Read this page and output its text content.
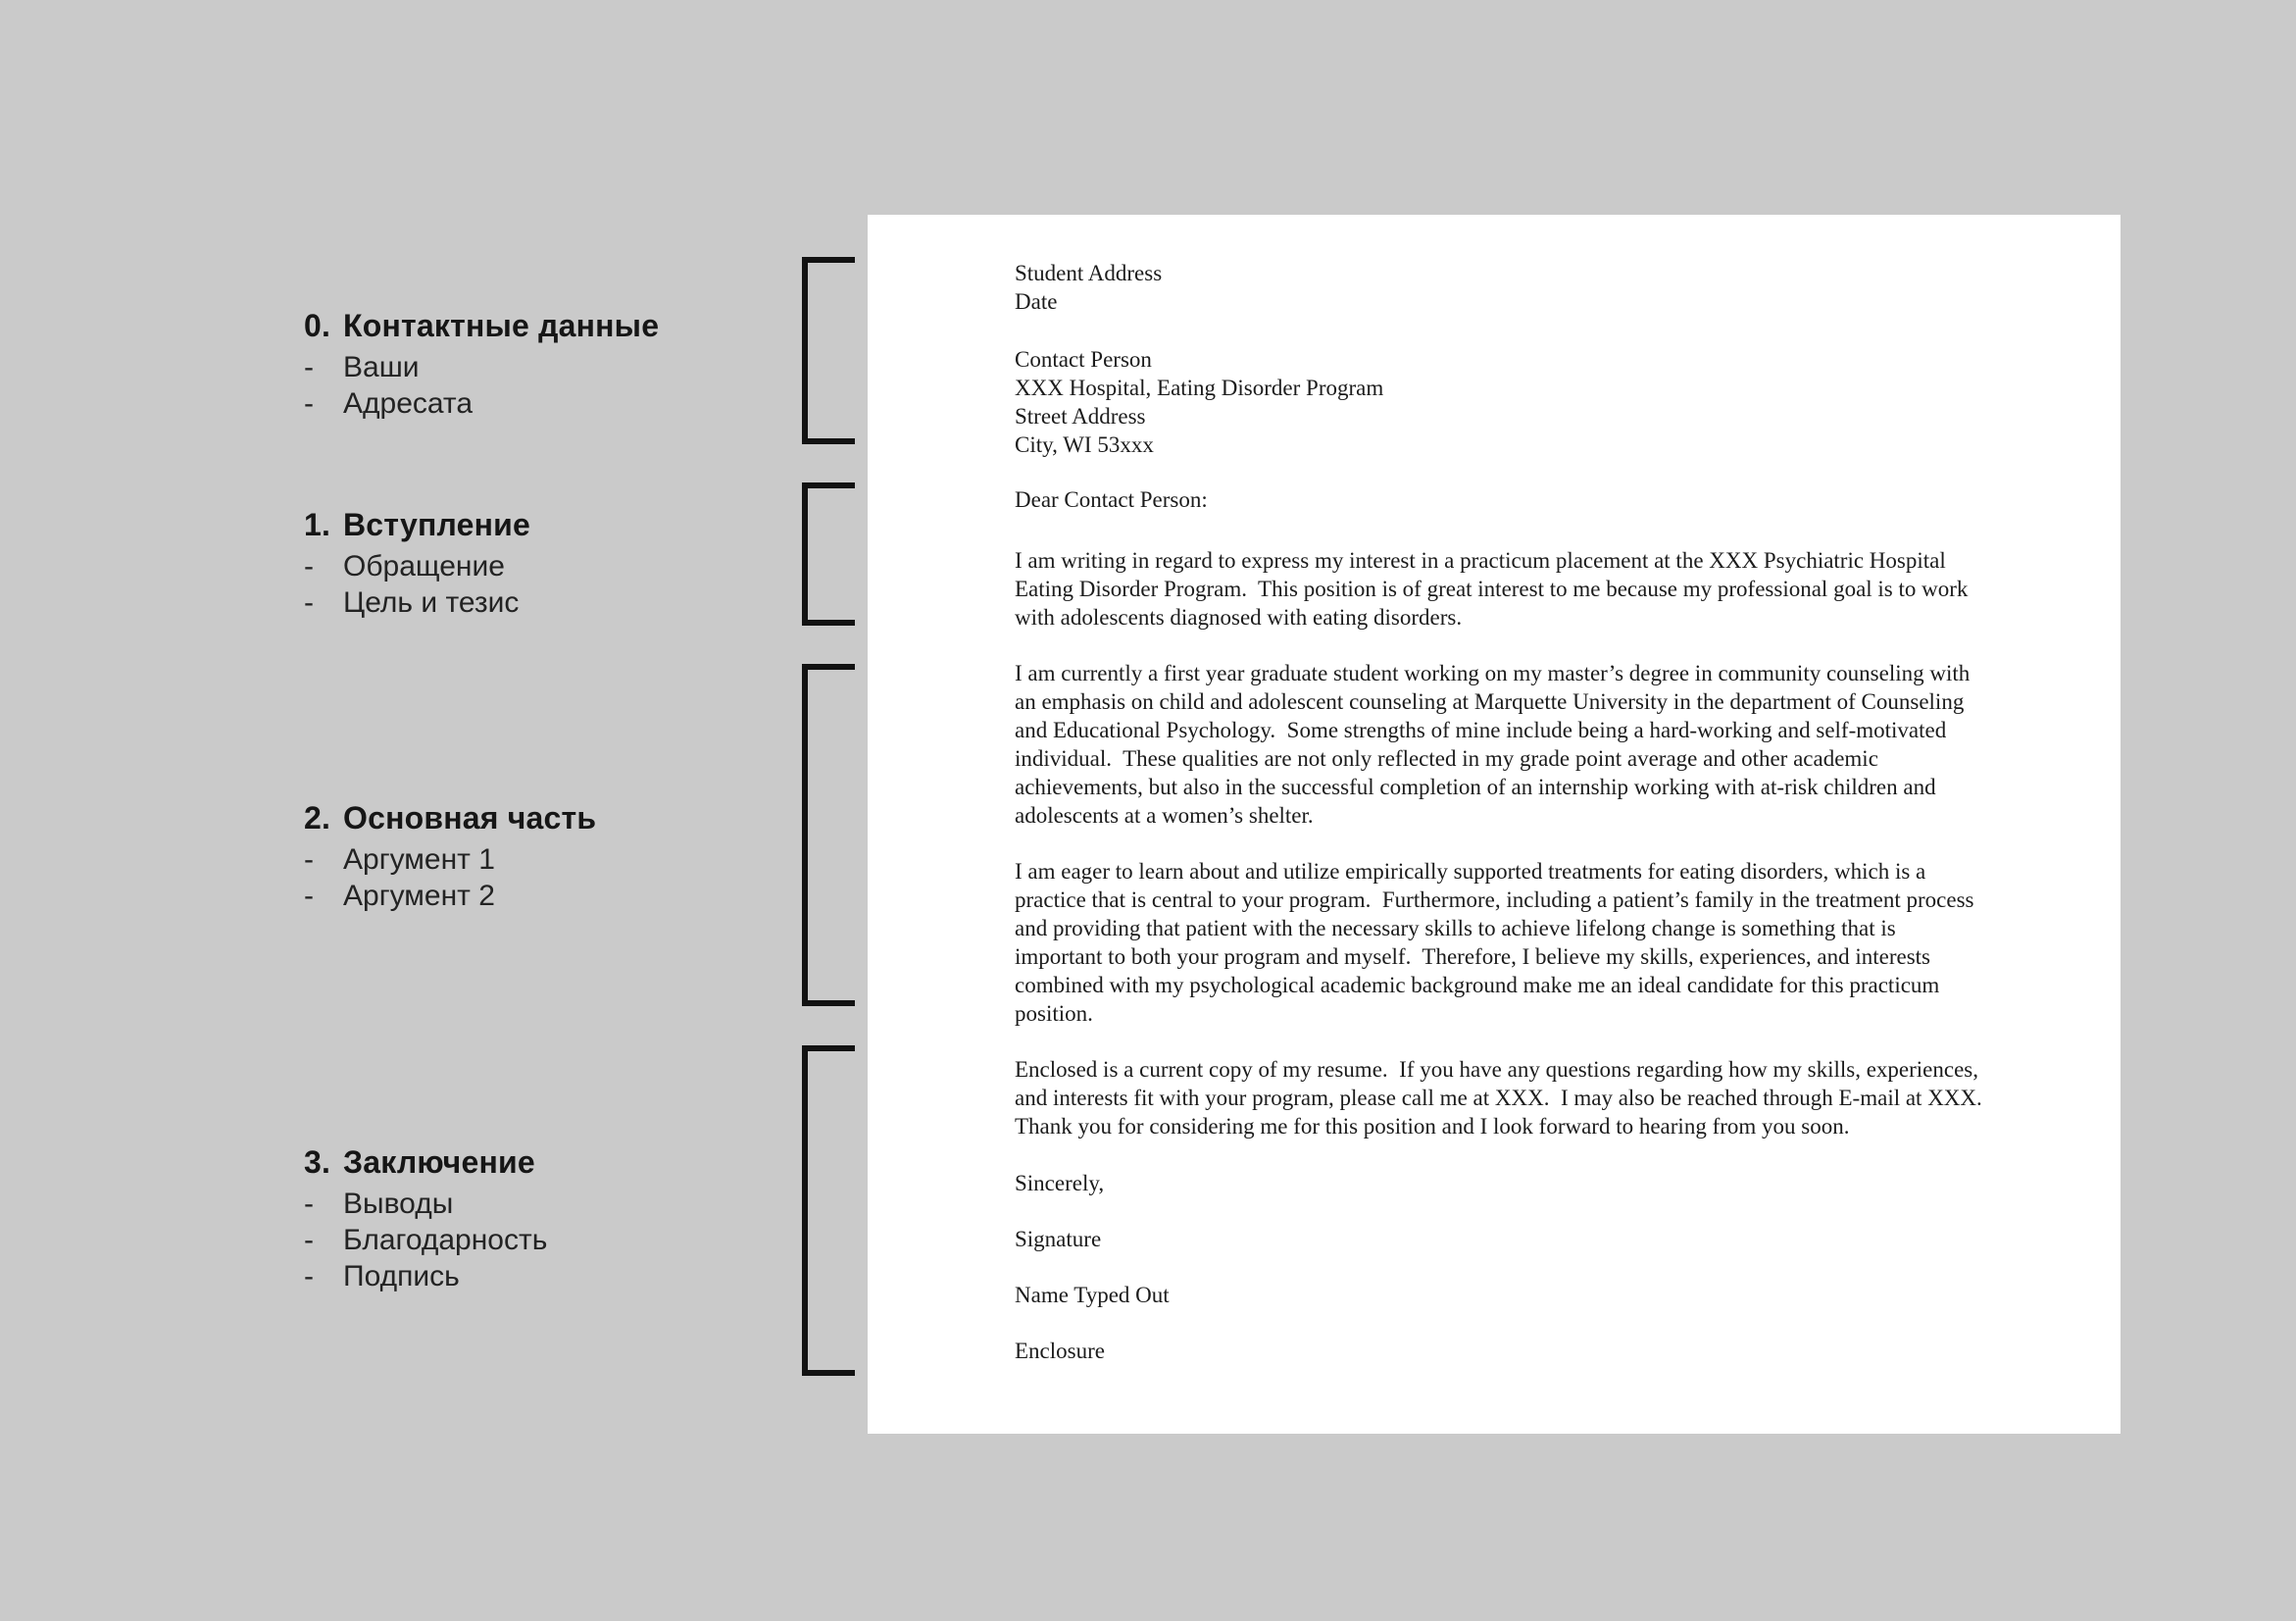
0. Контактные данные
-	Ваши
-	Адресата
1. Вступление
-	Обращение
-	Цель и тезис
2. Основная часть
-	Аргумент 1
-	Аргумент 2
3. Заключение
-	Выводы
-	Благодарность
-	Подпись
Student Address
Date
Contact Person
XXX Hospital, Eating Disorder Program
Street Address
City, WI 53xxx
Dear Contact Person:

I am writing in regard to express my interest in a practicum placement at the XXX Psychiatric Hospital Eating Disorder Program.  This position is of great interest to me because my professional goal is to work with adolescents diagnosed with eating disorders.

I am currently a first year graduate student working on my master’s degree in community counseling with an emphasis on child and adolescent counseling at Marquette University in the department of Counseling and Educational Psychology.  Some strengths of mine include being a hard-working and self-motivated individual.  These qualities are not only reflected in my grade point average and other academic achievements, but also in the successful completion of an internship working with at-risk children and adolescents at a women’s shelter.

I am eager to learn about and utilize empirically supported treatments for eating disorders, which is a practice that is central to your program.  Furthermore, including a patient’s family in the treatment process and providing that patient with the necessary skills to achieve lifelong change is something that is important to both your program and myself.  Therefore, I believe my skills, experiences, and interests combined with my psychological academic background make me an ideal candidate for this practicum position.

Enclosed is a current copy of my resume.  If you have any questions regarding how my skills, experiences, and interests fit with your program, please call me at XXX.  I may also be reached through E-mail at XXX.  Thank you for considering me for this position and I look forward to hearing from you soon.

Sincerely,
Signature
Name Typed Out
Enclosure
